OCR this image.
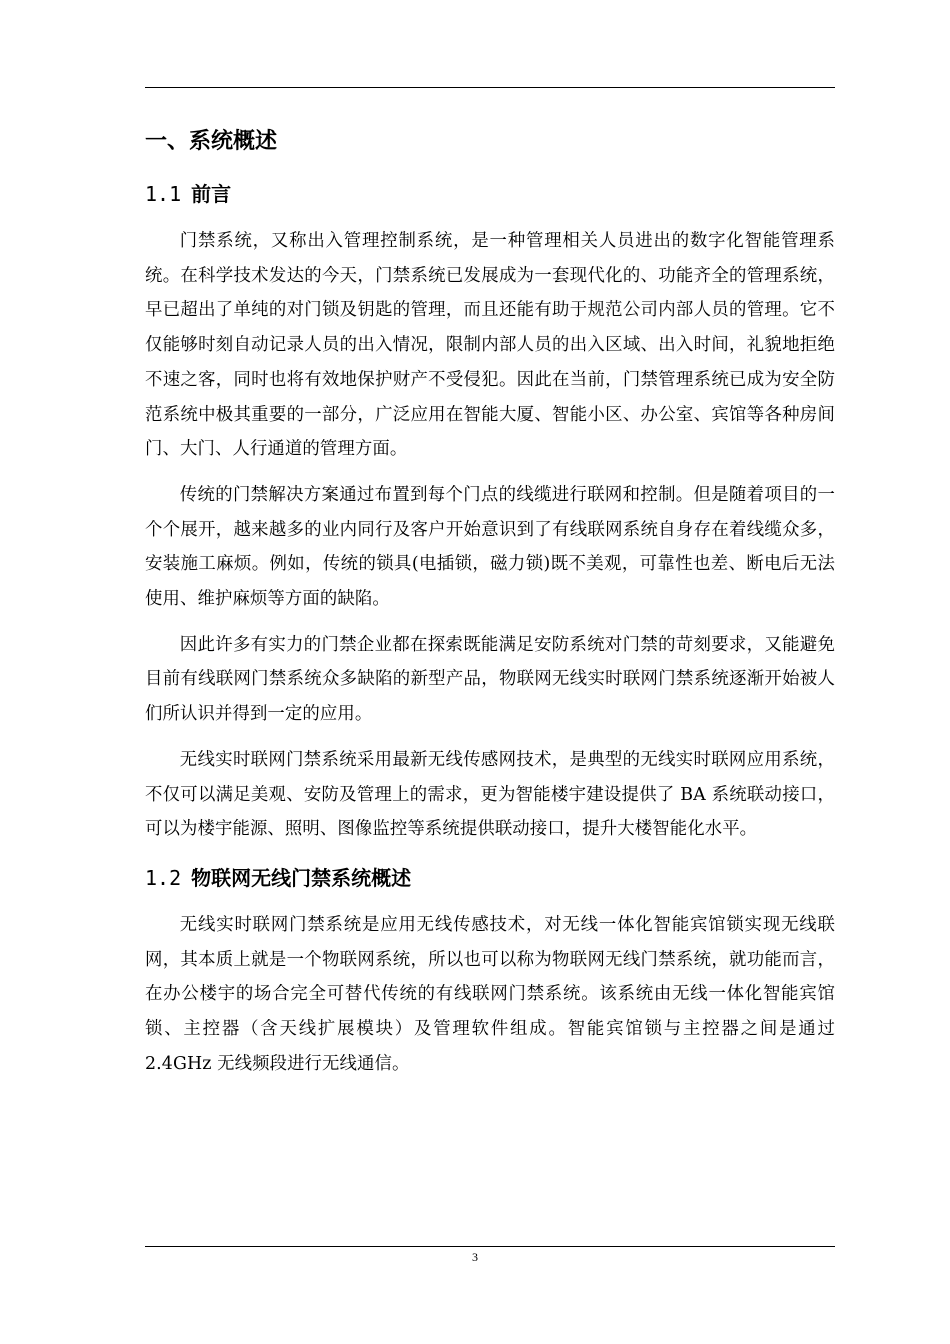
一、系统概述
1.1 前言

门禁系统，又称出入管理控制系统，是一种管理相关人员进出的数字化智能管理系统。在科学技术发达的今天，门禁系统已发展成为一套现代化的、功能齐全的管理系统，早已超出了单纯的对门锁及钥匙的管理，而且还能有助于规范公司内部人员的管理。它不仅能够时刻自动记录人员的出入情况，限制内部人员的出入区域、出入时间，礼貌地拒绝不速之客，同时也将有效地保护财产不受侵犯。因此在当前，门禁管理系统已成为安全防范系统中极其重要的一部分，广泛应用在智能大厦、智能小区、办公室、宾馆等各种房间门、大门、人行通道的管理方面。

传统的门禁解决方案通过布置到每个门点的线缆进行联网和控制。但是随着项目的一个个展开，越来越多的业内同行及客户开始意识到了有线联网系统自身存在着线缆众多，安装施工麻烦。例如，传统的锁具(电插锁，磁力锁)既不美观，可靠性也差、断电后无法使用、维护麻烦等方面的缺陷。

因此许多有实力的门禁企业都在探索既能满足安防系统对门禁的苛刻要求，又能避免目前有线联网门禁系统众多缺陷的新型产品，物联网无线实时联网门禁系统逐渐开始被人们所认识并得到一定的应用。

无线实时联网门禁系统采用最新无线传感网技术，是典型的无线实时联网应用系统，不仅可以满足美观、安防及管理上的需求，更为智能楼宇建设提供了 BA 系统联动接口，可以为楼宇能源、照明、图像监控等系统提供联动接口，提升大楼智能化水平。

1.2 物联网无线门禁系统概述

无线实时联网门禁系统是应用无线传感技术，对无线一体化智能宾馆锁实现无线联网，其本质上就是一个物联网系统，所以也可以称为物联网无线门禁系统，就功能而言，在办公楼宇的场合完全可替代传统的有线联网门禁系统。该系统由无线一体化智能宾馆锁、主控器（含天线扩展模块）及管理软件组成。智能宾馆锁与主控器之间是通过 2.4GHz 无线频段进行无线通信。

3
